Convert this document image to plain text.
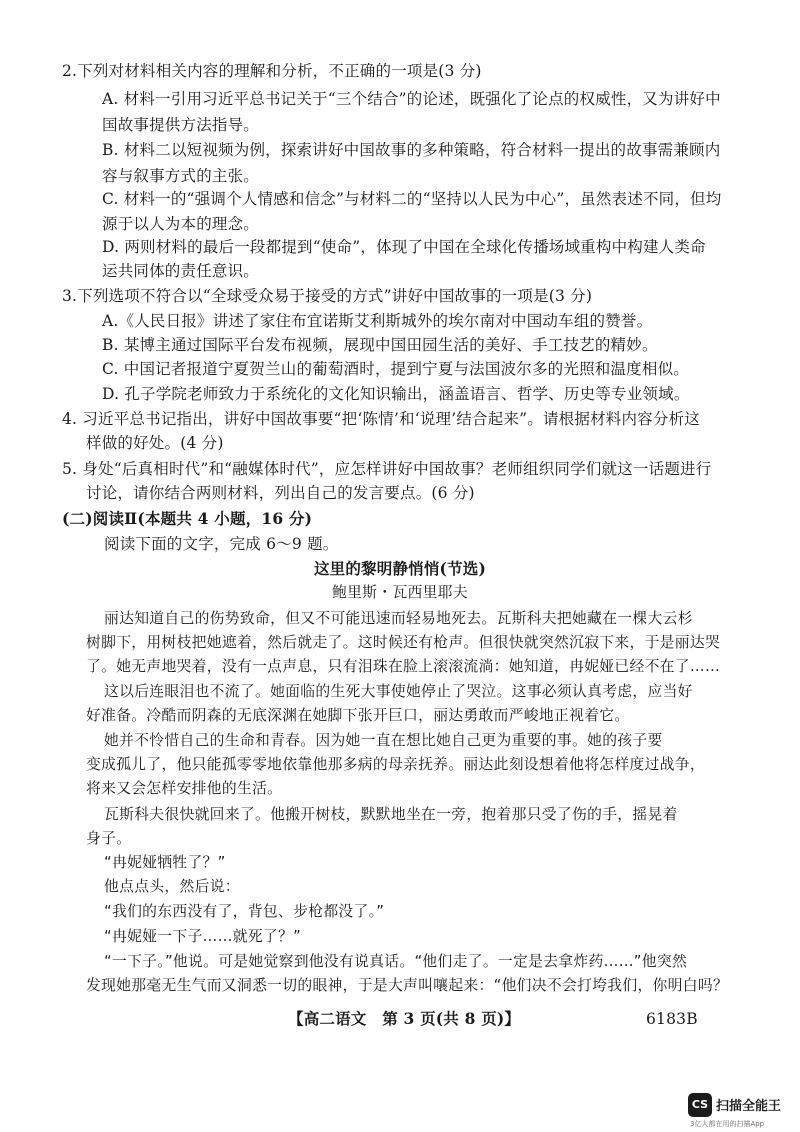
2.下列对材料相关内容的理解和分析，不正确的一项是(3 分)
A. 材料一引用习近平总书记关于“三个结合”的论述，既强化了论点的权威性，又为讲好中
国故事提供方法指导。
B. 材料二以短视频为例，探索讲好中国故事的多种策略，符合材料一提出的故事需兼顾内
容与叙事方式的主张。
C. 材料一的“强调个人情感和信念”与材料二的“坚持以人民为中心”，虽然表述不同，但均
源于以人为本的理念。
D. 两则材料的最后一段都提到“使命”，体现了中国在全球化传播场域重构中构建人类命
运共同体的责任意识。
3.下列选项不符合以“全球受众易于接受的方式”讲好中国故事的一项是(3 分)
A.《人民日报》讲述了家住布宜诺斯艾利斯城外的埃尔南对中国动车组的赞誉。
B. 某博主通过国际平台发布视频，展现中国田园生活的美好、手工技艺的精妙。
C. 中国记者报道宁夏贺兰山的葡萄酒时，提到宁夏与法国波尔多的光照和温度相似。
D. 孔子学院老师致力于系统化的文化知识输出，涵盖语言、哲学、历史等专业领域。
4. 习近平总书记指出，讲好中国故事要“把‘陈情’和‘说理’结合起来”。请根据材料内容分析这
样做的好处。(4 分)
5. 身处“后真相时代”和“融媒体时代”，应怎样讲好中国故事？老师组织同学们就这一话题进行
讨论，请你结合两则材料，列出自己的发言要点。(6 分)
(二)阅读Ⅱ(本题共 4 小题，16 分)
阅读下面的文字，完成 6～9 题。
这里的黎明静悄悄(节选)
鲍里斯・瓦西里耶夫
丽达知道自己的伤势致命，但又不可能迅速而轻易地死去。瓦斯科夫把她藏在一棵大云杉
树脚下，用树枝把她遮着，然后就走了。这时候还有枪声。但很快就突然沉寂下来，于是丽达哭
了。她无声地哭着，没有一点声息，只有泪珠在脸上滚滚流淌：她知道，冉妮娅已经不在了……
这以后连眼泪也不流了。她面临的生死大事使她停止了哭泣。这事必须认真考虑，应当好
好准备。冷酷而阴森的无底深渊在她脚下张开巨口，丽达勇敢而严峻地正视着它。
她并不怜惜自己的生命和青春。因为她一直在想比她自己更为重要的事。她的孩子要
变成孤儿了，他只能孤零零地依靠他那多病的母亲抚养。丽达此刻设想着他将怎样度过战争，
将来又会怎样安排他的生活。
瓦斯科夫很快就回来了。他搬开树枝，默默地坐在一旁，抱着那只受了伤的手，摇晃着
身子。
“冉妮娅牺牲了？”
他点点头，然后说：
“我们的东西没有了，背包、步枪都没了。”
“冉妮娅一下子……就死了？”
“一下子。”他说。可是她觉察到他没有说真话。“他们走了。一定是去拿炸药……”他突然
发现她那毫无生气而又洞悉一切的眼神，于是大声叫嚷起来：“他们决不会打垮我们，你明白吗？
【高二语文　第 3 页(共 8 页)】	6183B
CS 扫描全能王
3亿人都在用的扫描App
